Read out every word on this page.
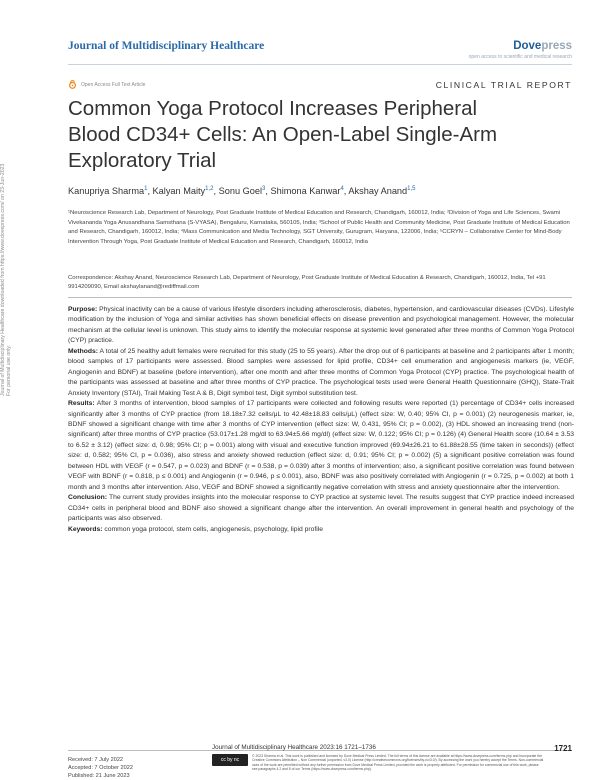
Journal of Multidisciplinary Healthcare	Dovepress
open access to scientific and medical research
Open Access Full Text Article	CLINICAL TRIAL REPORT
Common Yoga Protocol Increases Peripheral Blood CD34+ Cells: An Open-Label Single-Arm Exploratory Trial
Kanupriya Sharma$^1$, Kalyan Maity$^{1,2}$, Sonu Goel$^3$, Shimona Kanwar$^4$, Akshay Anand$^{1,5}$

¹Neuroscience Research Lab, Department of Neurology, Post Graduate Institute of Medical Education and Research, Chandigarh, 160012, India; ²Division of Yoga and Life Sciences, Swami Vivekananda Yoga Anusandhana Samsthana (S-VYASA), Bengaluru, Karnataka, 560105, India; ³School of Public Health and Community Medicine, Post Graduate Institute of Medical Education and Research, Chandigarh, 160012, India; ⁴Mass Communication and Media Technology, SGT University, Gurugram, Haryana, 122006, India; ⁵CCRYN – Collaborative Center for Mind-Body Intervention Through Yoga, Post Graduate Institute of Medical Education and Research, Chandigarh, 160012, India

Correspondence: Akshay Anand, Neuroscience Research Lab, Department of Neurology, Post Graduate Institute of Medical Education & Research, Chandigarh, 160012, India, Tel +91 9914209090, Email akshaylanand@rediffmail.com

Purpose: Physical inactivity can be a cause of various lifestyle disorders including atherosclerosis, diabetes, hypertension, and cardiovascular diseases (CVDs). Lifestyle modification by the inclusion of Yoga and similar activities has shown beneficial effects on disease prevention and psychological management. However, the molecular mechanism at the cellular level is unknown. This study aims to identify the molecular response at systemic level generated after three months of Common Yoga Protocol (CYP) practice.

Methods: A total of 25 healthy adult females were recruited for this study (25 to 55 years). After the drop out of 6 participants at baseline and 2 participants after 1 month; blood samples of 17 participants were assessed. Blood samples were assessed for lipid profile, CD34+ cell enumeration and angiogenesis markers (ie, VEGF, Angiogenin and BDNF) at baseline (before intervention), after one month and after three months of Common Yoga Protocol (CYP) practice. The psychological health of the participants was assessed at baseline and after three months of CYP practice. The psychological tests used were General Health Questionnaire (GHQ), State-Trait Anxiety Inventory (STAI), Trail Making Test A & B, Digit symbol test, Digit symbol substitution test.

Results: After 3 months of intervention, blood samples of 17 participants were collected and following results were reported (1) percentage of CD34+ cells increased significantly after 3 months of CYP practice (from 18.18±7.32 cells/μL to 42.48±18.83 cells/μL) (effect size: W, 0.40; 95% CI, p = 0.001) (2) neurogenesis marker, ie, BDNF showed a significant change with time after 3 months of CYP intervention (effect size: W, 0.431, 95% CI; p = 0.002), (3) HDL showed an increasing trend (non-significant) after three months of CYP practice (53.017±1.28 mg/dl to 63.94±5.66 mg/dl) (effect size: W, 0.122; 95% CI; p = 0.126) (4) General Health score (10.64 ± 3.53 to 6.52 ± 3.12) (effect size: d, 0.98; 95% CI; p = 0.001) along with visual and executive function improved (69.94±26.21 to 61.88±28.55 (time taken in seconds)) (effect size: d, 0.582; 95% CI, p = 0.036), also stress and anxiety showed reduction (effect size: d, 0.91; 95% CI; p = 0.002) (5) a significant positive correlation was found between HDL with VEGF (r = 0.547, p = 0.023) and BDNF (r = 0.538, p = 0.039) after 3 months of intervention; also, a significant positive correlation was found between VEGF with BDNF (r = 0.818, p ≤ 0.001) and Angiogenin (r = 0.946, p ≤ 0.001), also, BDNF was also positively correlated with Angiogenin (r = 0.725, p = 0.002) at both 1 month and 3 months after intervention. Also, VEGF and BDNF showed a significantly negative correlation with stress and anxiety questionnaire after the intervention.

Conclusion: The current study provides insights into the molecular response to CYP practice at systemic level. The results suggest that CYP practice indeed increased CD34+ cells in peripheral blood and BDNF also showed a significant change after the intervention. An overall improvement in general health and psychology of the participants was also observed.

Keywords: common yoga protocol, stem cells, angiogenesis, psychology, lipid profile

Received: 7 July 2022
Accepted: 7 October 2022
Published: 21 June 2023
Journal of Multidisciplinary Healthcare 2023:16 1721–1736	1721
cc by nc
© 2023 Sharma et al. This work is published and licensed by Dove Medical Press Limited. The full terms of this license are available at https://www.dovepress.com/terms.php and incorporate the Creative Commons Attribution – Non Commercial (unported, v3.0) License (http://creativecommons.org/licenses/by-nc/3.0/). By accessing the work you hereby accept the Terms. Non-commercial uses of the work are permitted without any further permission from Dove Medical Press Limited, provided the work is properly attributed. For permission for commercial use of this work, please see paragraphs 4.2 and 5 of our Terms (https://www.dovepress.com/terms.php).
Journal of Multidisciplinary Healthcare downloaded from https://www.dovepress.com/ on 23-Jun-2023 For personal use only.
